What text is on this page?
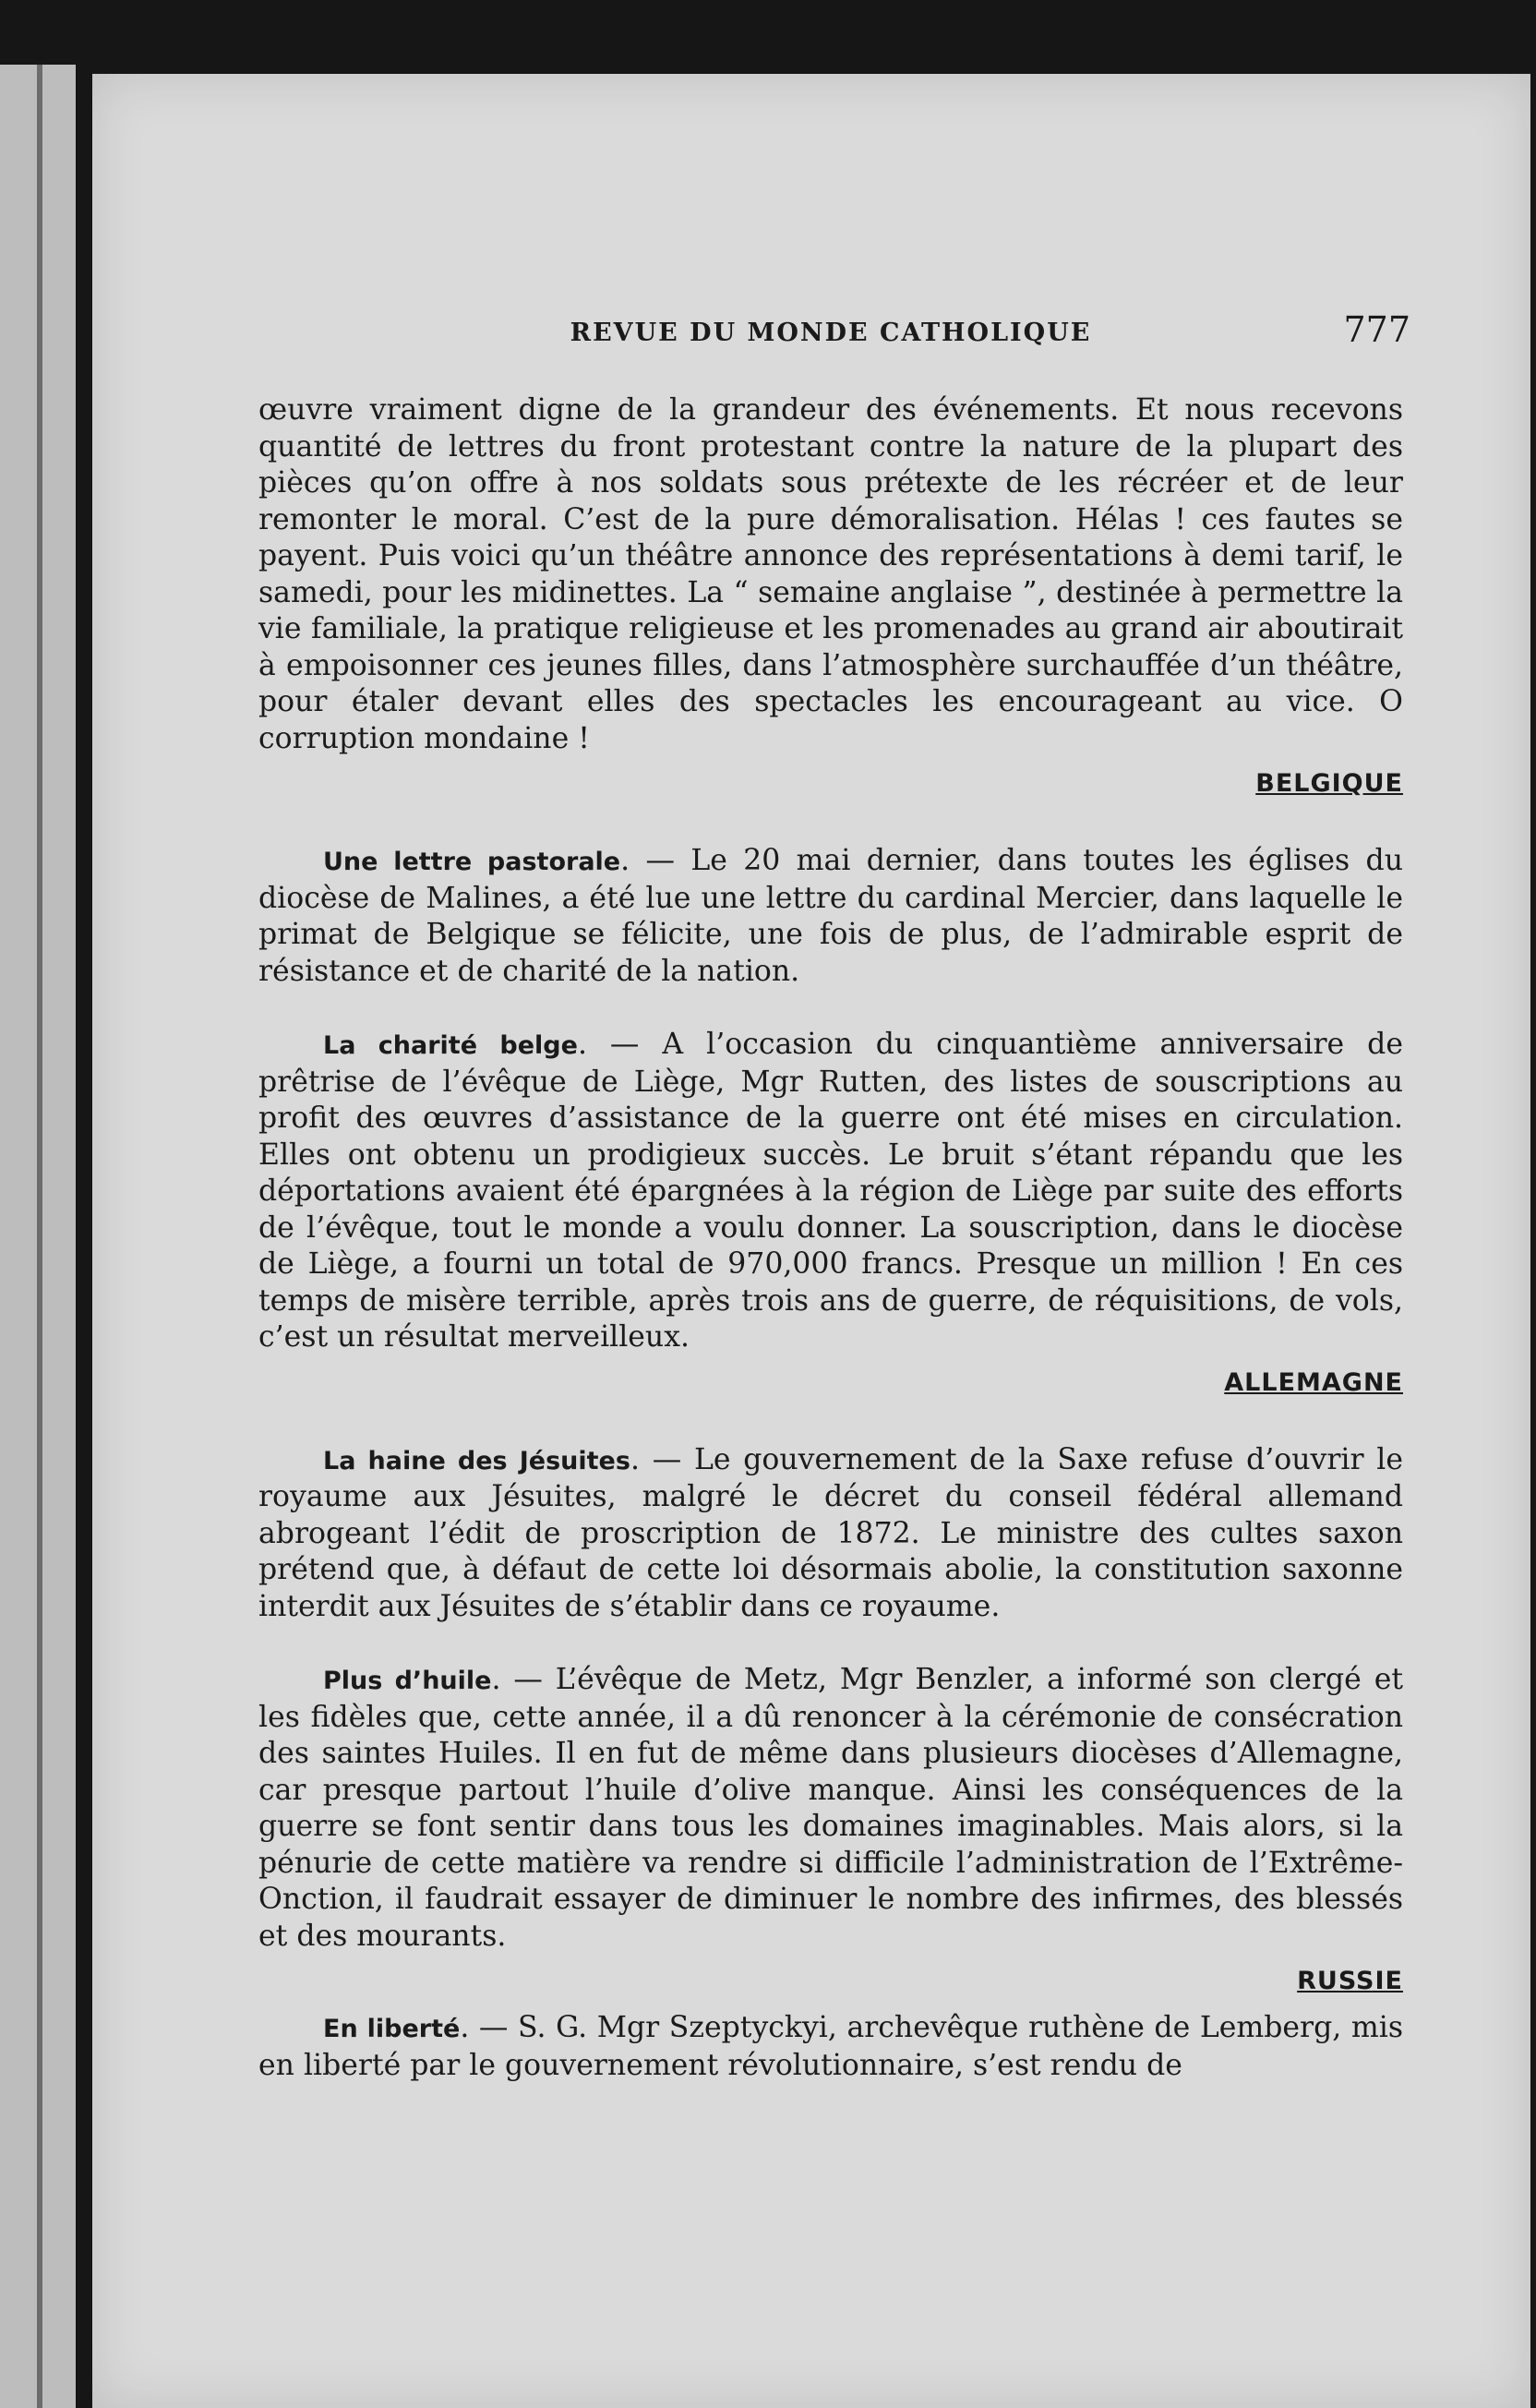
REVUE DU MONDE CATHOLIQUE	777

œuvre vraiment digne de la grandeur des événements. Et nous recevons quantité de lettres du front protestant contre la nature de la plupart des pièces qu’on offre à nos soldats sous prétexte de les récréer et de leur remonter le moral. C’est de la pure démoralisation. Hélas ! ces fautes se payent. Puis voici qu’un théâtre annonce des représentations à demi tarif, le samedi, pour les midinettes. La “ semaine anglaise ”, destinée à permettre la vie familiale, la pratique religieuse et les promenades au grand air aboutirait à empoisonner ces jeunes filles, dans l’atmosphère surchauffée d’un théâtre, pour étaler devant elles des spectacles les encourageant au vice. O corruption mondaine !

BELGIQUE

Une lettre pastorale. — Le 20 mai dernier, dans toutes les églises du diocèse de Malines, a été lue une lettre du cardinal Mercier, dans laquelle le primat de Belgique se félicite, une fois de plus, de l’admirable esprit de résistance et de charité de la nation.

La charité belge. — A l’occasion du cinquantième anniversaire de prêtrise de l’évêque de Liège, Mgr Rutten, des listes de souscriptions au profit des œuvres d’assistance de la guerre ont été mises en circulation. Elles ont obtenu un prodigieux succès. Le bruit s’étant répandu que les déportations avaient été épargnées à la région de Liège par suite des efforts de l’évêque, tout le monde a voulu donner. La souscription, dans le diocèse de Liège, a fourni un total de 970,000 francs. Presque un million ! En ces temps de misère terrible, après trois ans de guerre, de réquisitions, de vols, c’est un résultat merveilleux.

ALLEMAGNE

La haine des Jésuites. — Le gouvernement de la Saxe refuse d’ouvrir le royaume aux Jésuites, malgré le décret du conseil fédéral allemand abrogeant l’édit de proscription de 1872. Le ministre des cultes saxon prétend que, à défaut de cette loi désormais abolie, la constitution saxonne interdit aux Jésuites de s’établir dans ce royaume.

Plus d’huile. — L’évêque de Metz, Mgr Benzler, a informé son clergé et les fidèles que, cette année, il a dû renoncer à la cérémonie de consécration des saintes Huiles. Il en fut de même dans plusieurs diocèses d’Allemagne, car presque partout l’huile d’olive manque. Ainsi les conséquences de la guerre se font sentir dans tous les domaines imaginables. Mais alors, si la pénurie de cette matière va rendre si difficile l’administration de l’Extrême-Onction, il faudrait essayer de diminuer le nombre des infirmes, des blessés et des mourants.

RUSSIE

En liberté. — S. G. Mgr Szeptyckyi, archevêque ruthène de Lemberg, mis en liberté par le gouvernement révolutionnaire, s’est rendu de
